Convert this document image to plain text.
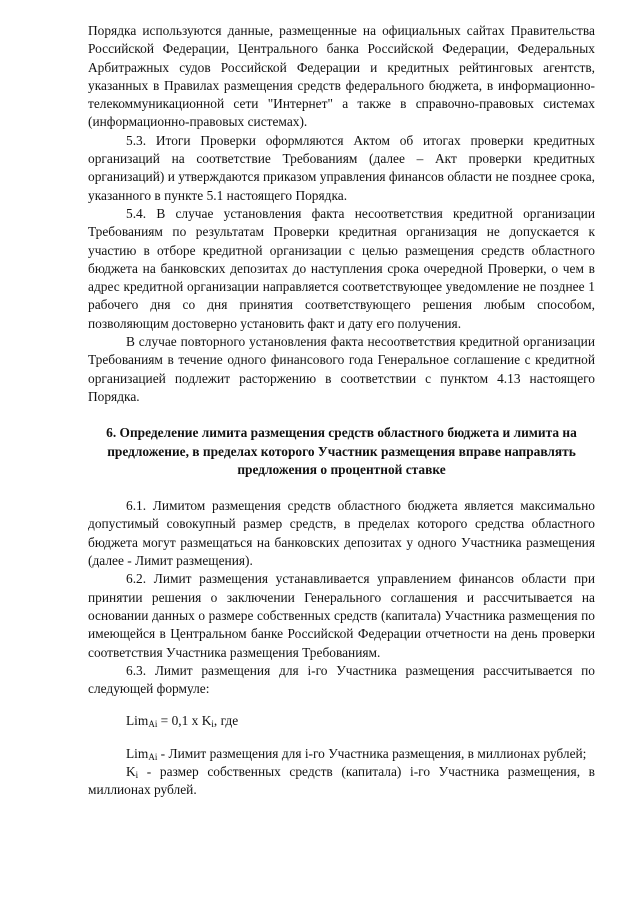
Порядка используются данные, размещенные на официальных сайтах Правительства Российской Федерации, Центрального банка Российской Федерации, Федеральных Арбитражных судов Российской Федерации и кредитных рейтинговых агентств, указанных в Правилах размещения средств федерального бюджета, в информационно-телекоммуникационной сети "Интернет" а также в справочно-правовых системах (информационно-правовых системах).

5.3. Итоги Проверки оформляются Актом об итогах проверки кредитных организаций на соответствие Требованиям (далее – Акт проверки кредитных организаций) и утверждаются приказом управления финансов области не позднее срока, указанного в пункте 5.1 настоящего Порядка.

5.4. В случае установления факта несоответствия кредитной организации Требованиям по результатам Проверки кредитная организация не допускается к участию в отборе кредитной организации с целью размещения средств областного бюджета на банковских депозитах до наступления срока очередной Проверки, о чем в адрес кредитной организации направляется соответствующее уведомление не позднее 1 рабочего дня со дня принятия соответствующего решения любым способом, позволяющим достоверно установить факт и дату его получения.

В случае повторного установления факта несоответствия кредитной организации Требованиям в течение одного финансового года Генеральное соглашение с кредитной организацией подлежит расторжению в соответствии с пунктом 4.13 настоящего Порядка.

6. Определение лимита размещения средств областного бюджета и лимита на предложение, в пределах которого Участник размещения вправе направлять предложения о процентной ставке

6.1. Лимитом размещения средств областного бюджета является максимально допустимый совокупный размер средств, в пределах которого средства областного бюджета могут размещаться на банковских депозитах у одного Участника размещения (далее - Лимит размещения).

6.2. Лимит размещения устанавливается управлением финансов области при принятии решения о заключении Генерального соглашения и рассчитывается на основании данных о размере собственных средств (капитала) Участника размещения по имеющейся в Центральном банке Российской Федерации отчетности на день проверки соответствия Участника размещения Требованиям.

6.3. Лимит размещения для i-го Участника размещения рассчитывается по следующей формуле:

Lim$_{Ai}$ = 0,1 x $K_i$, где

Lim$_{Ai}$ - Лимит размещения для i-го Участника размещения, в миллионах рублей;

$K_i$ - размер собственных средств (капитала) i-го Участника размещения, в миллионах рублей.
